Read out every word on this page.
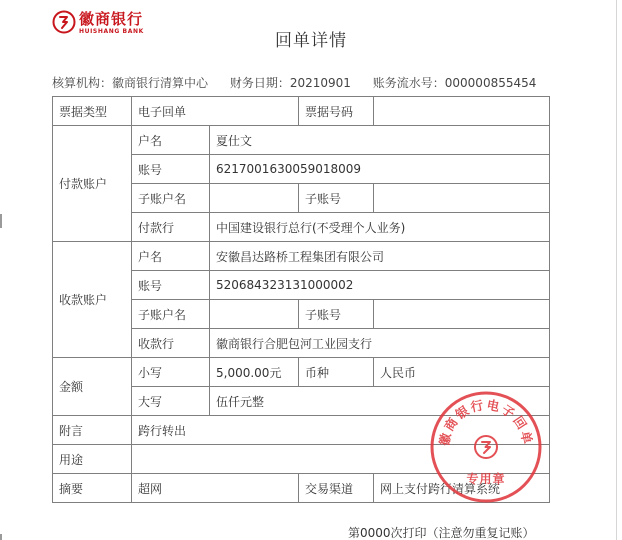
徽商银行
HUISHANG BANK	回单详情
核算机构：徽商银行清算中心 财务日期：20210901 账务流水号：000000855454
票据类型	电子回单		票据号码	
付款账户	户名	夏仕文		
	账号	6217001630059018009		
	子账户名		子账号	
	付款行	中国建设银行总行(不受理个人业务)		
收款账户	户名	安徽昌达路桥工程集团有限公司		
	账号	520684323131000002		
	子账户名		子账号	
	收款行	徽商银行合肥包河工业园支行		
金额	小写	5,000.00元	币种	人民币
	大写	伍仟元整		
附言	跨行转出			
用途				
摘要	超网		交易渠道	网上支付跨行清算系统
徽商银行电子回单
专用章
第0000次打印（注意勿重复记账）
